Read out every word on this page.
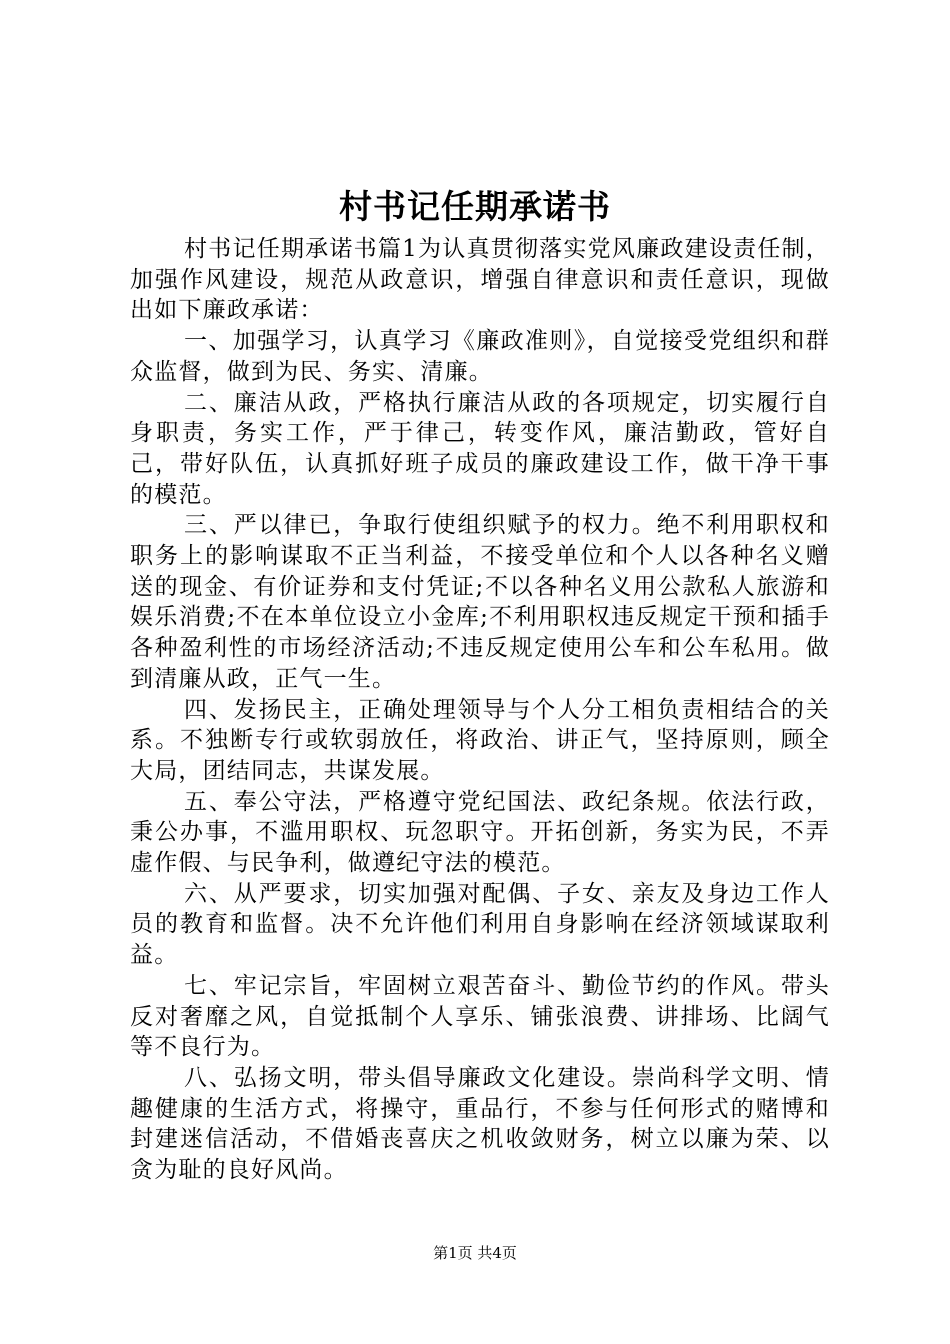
村书记任期承诺书

村书记任期承诺书篇1为认真贯彻落实党风廉政建设责任制，加强作风建设，规范从政意识，增强自律意识和责任意识，现做出如下廉政承诺：

一、加强学习，认真学习《廉政准则》，自觉接受党组织和群众监督，做到为民、务实、清廉。

二、廉洁从政，严格执行廉洁从政的各项规定，切实履行自身职责，务实工作，严于律己，转变作风，廉洁勤政，管好自己，带好队伍，认真抓好班子成员的廉政建设工作，做干净干事的模范。

三、严以律已，争取行使组织赋予的权力。绝不利用职权和职务上的影响谋取不正当利益，不接受单位和个人以各种名义赠送的现金、有价证券和支付凭证;不以各种名义用公款私人旅游和娱乐消费;不在本单位设立小金库;不利用职权违反规定干预和插手各种盈利性的市场经济活动;不违反规定使用公车和公车私用。做到清廉从政，正气一生。

四、发扬民主，正确处理领导与个人分工相负责相结合的关系。不独断专行或软弱放任，将政治、讲正气，坚持原则，顾全大局，团结同志，共谋发展。

五、奉公守法，严格遵守党纪国法、政纪条规。依法行政，秉公办事，不滥用职权、玩忽职守。开拓创新，务实为民，不弄虚作假、与民争利，做遵纪守法的模范。

六、从严要求，切实加强对配偶、子女、亲友及身边工作人员的教育和监督。决不允许他们利用自身影响在经济领域谋取利益。

七、牢记宗旨，牢固树立艰苦奋斗、勤俭节约的作风。带头反对奢靡之风，自觉抵制个人享乐、铺张浪费、讲排场、比阔气等不良行为。

八、弘扬文明，带头倡导廉政文化建设。崇尚科学文明、情趣健康的生活方式，将操守，重品行，不参与任何形式的赌博和封建迷信活动，不借婚丧喜庆之机收敛财务，树立以廉为荣、以贪为耻的良好风尚。

第1页 共4页
